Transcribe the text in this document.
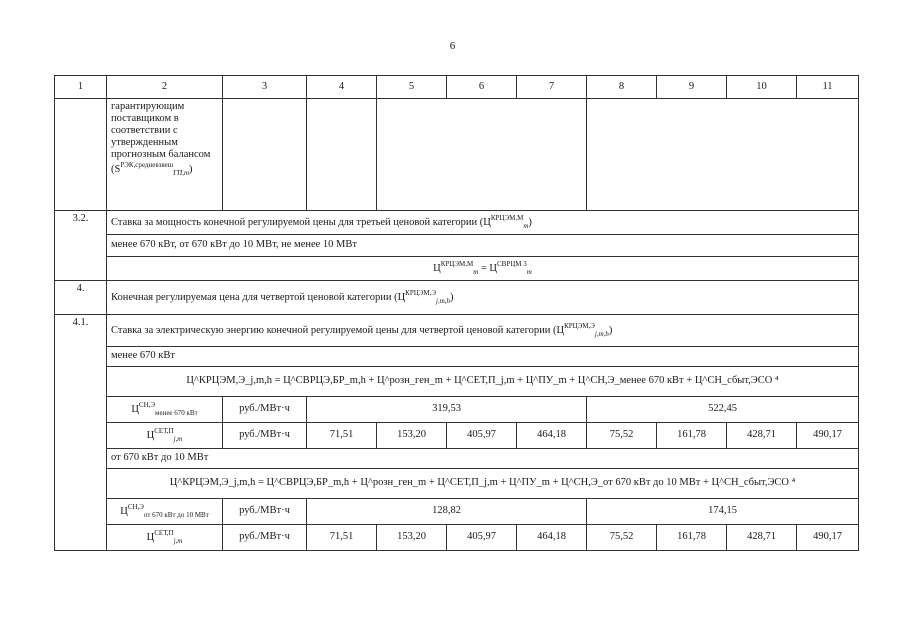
6
1	2	3	4	5	6	7	8	9	10	11
	гарантирующим поставщиком в соответствии с утвержденным прогнозным балансом $(S^{РЭК,средневзвеш}_{ГП,m})$									
3.2.	Ставка за мощность конечной регулируемой цены для третьей ценовой категории $(Ц^{КРЦЭМ,М}_m)$									
	менее 670 кВт, от 670 кВт до 10 МВт, не менее 10 МВт									
	$Ц^{КРЦЭМ,М}_m = Ц^{СВРЦМ 3}_m$
4.	Конечная регулируемая цена для четвертой ценовой категории $(Ц^{КРЦЭМ,Э}_{j,m,h})$									
4.1.	Ставка за электрическую энергию конечной регулируемой цены для четвертой ценовой категории $(Ц^{КРЦЭМ,Э}_{j,m,h})$									
	менее 670 кВт									
	Ц^КРЦЭМ,Э_j,m,h = Ц^СВРЦЭ,БР_m,h + Ц^розн_ген_m + Ц^СЕТ,П_j,m + Ц^ПУ_m + Ц^СН,Э_менее 670 кВт + Ц^СН_сбыт,ЭСО ⁴									
	$Ц^{СН,Э}_{менее 670 кВт}$	руб./МВт·ч	319,53				522,45			
	$Ц^{СЕТ,П}_{j,m}$	руб./МВт·ч	71,51	153,20	405,97	464,18	75,52	161,78	428,71	490,17
	от 670 кВт до 10 МВт									
	Ц^КРЦЭМ,Э_j,m,h = Ц^СВРЦЭ,БР_m,h + Ц^розн_ген_m + Ц^СЕТ,П_j,m + Ц^ПУ_m + Ц^СН,Э_от 670 кВт до 10 МВт + Ц^СН_сбыт,ЭСО ⁴									
	$Ц^{СН,Э}_{от 670 кВт до 10 МВт}$	руб./МВт·ч	128,82				174,15			
	$Ц^{СЕТ,П}_{j,m}$	руб./МВт·ч	71,51	153,20	405,97	464,18	75,52	161,78	428,71	490,17
